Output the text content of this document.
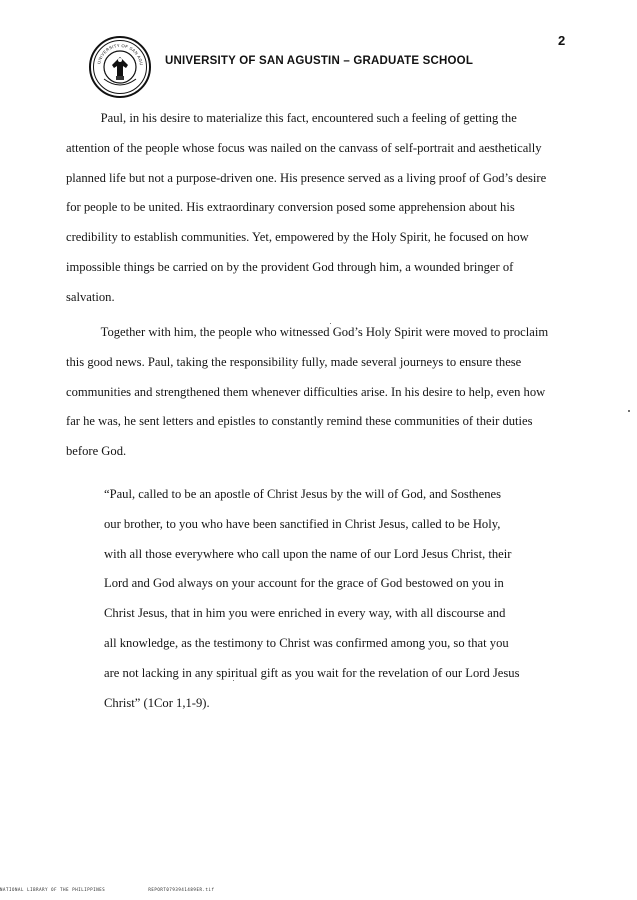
2
UNIVERSITY OF SAN AGU UNIVERSITY OF SAN AGUSTIN – GRADUATE SCHOOL
Paul, in his desire to materialize this fact, encountered such a feeling of getting the
attention of the people whose focus was nailed on the canvass of self-portrait and aesthetically
planned life but not a purpose-driven one. His presence served as a living proof of God’s desire
for people to be united. His extraordinary conversion posed some apprehension about his
credibility to establish communities. Yet, empowered by the Holy Spirit, he focused on how
impossible things be carried on by the provident God through him, a wounded bringer of
salvation.
Together with him, the people who witnessed God’s Holy Spirit were moved to proclaim
this good news. Paul, taking the responsibility fully, made several journeys to ensure these
communities and strengthened them whenever difficulties arise. In his desire to help, even how
far he was, he sent letters and epistles to constantly remind these communities of their duties
before God.
“Paul, called to be an apostle of Christ Jesus by the will of God, and Sosthenes
our brother, to you who have been sanctified in Christ Jesus, called to be Holy,
with all those everywhere who call upon the name of our Lord Jesus Christ, their
Lord and God always on your account for the grace of God bestowed on you in
Christ Jesus, that in him you were enriched in every way, with all discourse and
all knowledge, as the testimony to Christ was confirmed among you, so that you
are not lacking in any spiritual gift as you wait for the revelation of our Lord Jesus
Christ” (1Cor 1,1-9).
NATIONAL LIBRARY OF THE PHILIPPINES	REPORT0793941489ER.tif
